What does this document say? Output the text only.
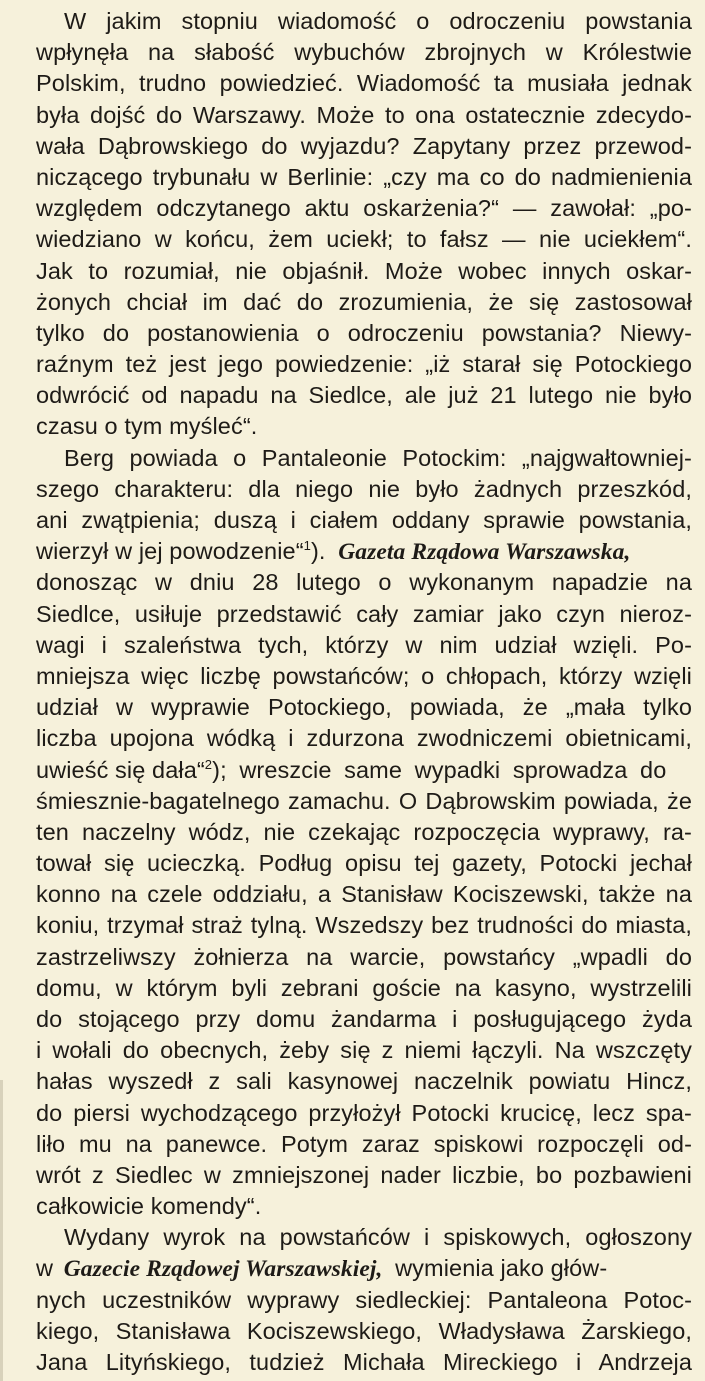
W jakim stopniu wiadomość o odroczeniu powstania
wpłynęła na słabość wybuchów zbrojnych w Królestwie
Polskim, trudno powiedzieć. Wiadomość ta musiała jednak
była dojść do Warszawy. Może to ona ostatecznie zdecydo-
wała Dąbrowskiego do wyjazdu? Zapytany przez przewod-
niczącego trybunału w Berlinie: „czy ma co do nadmienienia
względem odczytanego aktu oskarżenia?“ — zawołał: „po-
wiedziano w końcu, żem uciekł; to fałsz — nie uciekłem“.
Jak to rozumiał, nie objaśnił. Może wobec innych oskar-
żonych chciał im dać do zrozumienia, że się zastosował
tylko do postanowienia o odroczeniu powstania? Niewy-
raźnym też jest jego powiedzenie: „iż starał się Potockiego
odwrócić od napadu na Siedlce, ale już 21 lutego nie było
czasu o tym myśleć“.
Berg powiada o Pantaleonie Potockim: „najgwałtowniej-
szego charakteru: dla niego nie było żadnych przeszkód,
ani zwątpienia; duszą i ciałem oddany sprawie powstania,
wierzył w jej powodzenie“$^1$). Gazeta Rządowa Warszawska,
donosząc w dniu 28 lutego o wykonanym napadzie na
Siedlce, usiłuje przedstawić cały zamiar jako czyn nieroz-
wagi i szaleństwa tych, którzy w nim udział wzięli. Po-
mniejsza więc liczbę powstańców; o chłopach, którzy wzięli
udział w wyprawie Potockiego, powiada, że „mała tylko
liczba upojona wódką i zdurzona zwodniczemi obietnicami,
uwieść się dała“$^2$); wreszcie same wypadki sprowadza do
śmiesznie-bagatelnego zamachu. O Dąbrowskim powiada, że
ten naczelny wódz, nie czekając rozpoczęcia wyprawy, ra-
tował się ucieczką. Podług opisu tej gazety, Potocki jechał
konno na czele oddziału, a Stanisław Kociszewski, także na
koniu, trzymał straż tylną. Wszedszy bez trudności do miasta,
zastrzeliwszy żołnierza na warcie, powstańcy „wpadli do
domu, w którym byli zebrani goście na kasyno, wystrzelili
do stojącego przy domu żandarma i posługującego żyda
i wołali do obecnych, żeby się z niemi łączyli. Na wszczęty
hałas wyszedł z sali kasynowej naczelnik powiatu Hincz,
do piersi wychodzącego przyłożył Potocki krucicę, lecz spa-
liło mu na panewce. Potym zaraz spiskowi rozpoczęli od-
wrót z Siedlec w zmniejszonej nader liczbie, bo pozbawieni
całkowicie komendy“.
Wydany wyrok na powstańców i spiskowych, ogłoszony
w Gazecie Rządowej Warszawskiej, wymienia jako głów-
nych uczestników wyprawy siedleckiej: Pantaleona Potoc-
kiego, Stanisława Kociszewskiego, Władysława Żarskiego,
Jana Lityńskiego, tudzież Michała Mireckiego i Andrzeja
